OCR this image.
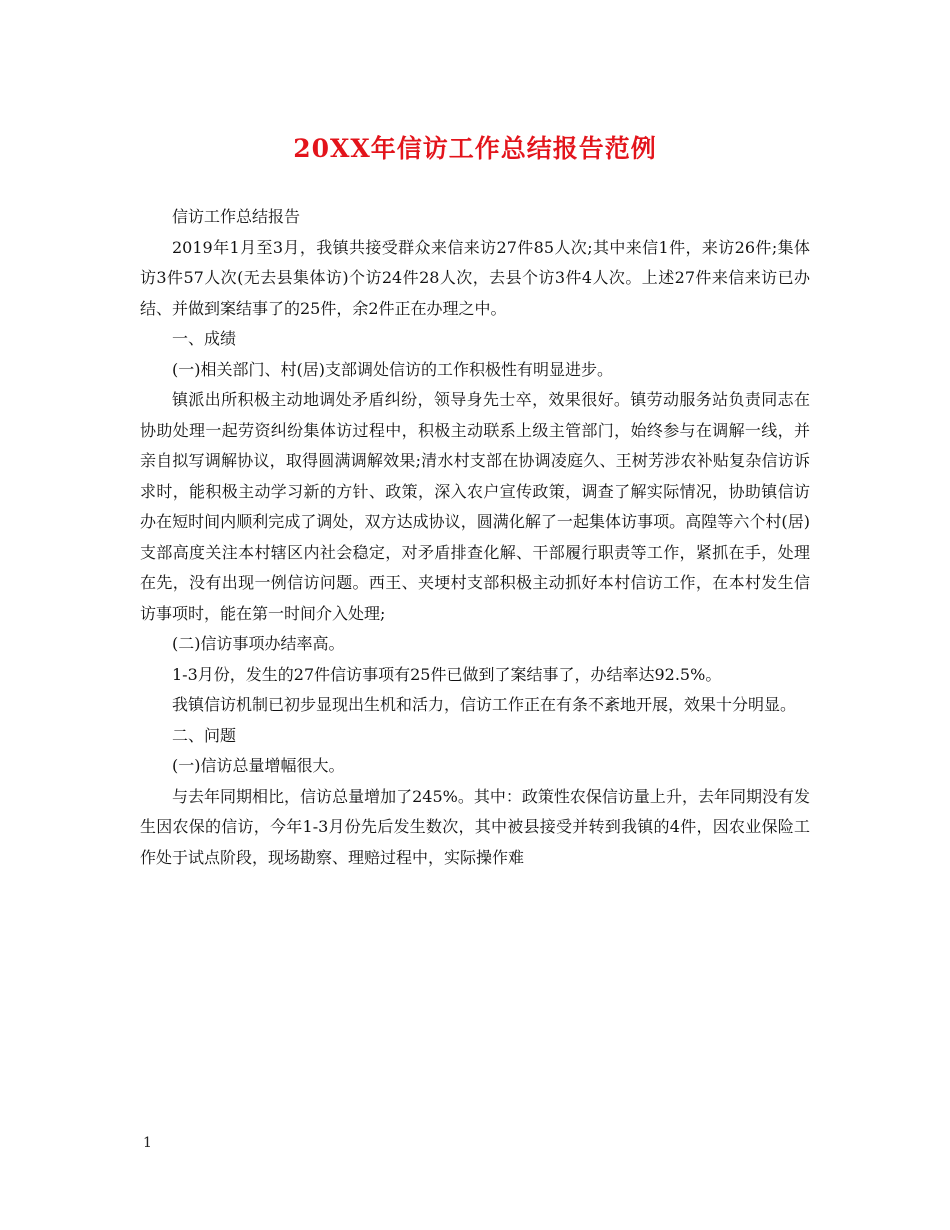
20XX年信访工作总结报告范例

信访工作总结报告

2019年1月至3月，我镇共接受群众来信来访27件85人次;其中来信1件，来访26件;集体访3件57人次(无去县集体访)个访24件28人次，去县个访3件4人次。上述27件来信来访已办结、并做到案结事了的25件，余2件正在办理之中。

一、成绩

(一)相关部门、村(居)支部调处信访的工作积极性有明显进步。

镇派出所积极主动地调处矛盾纠纷，领导身先士卒，效果很好。镇劳动服务站负责同志在协助处理一起劳资纠纷集体访过程中，积极主动联系上级主管部门，始终参与在调解一线，并亲自拟写调解协议，取得圆满调解效果;清水村支部在协调凌庭久、王树芳涉农补贴复杂信访诉求时，能积极主动学习新的方针、政策，深入农户宣传政策，调查了解实际情况，协助镇信访办在短时间内顺利完成了调处，双方达成协议，圆满化解了一起集体访事项。高隍等六个村(居)支部高度关注本村辖区内社会稳定，对矛盾排查化解、干部履行职责等工作，紧抓在手，处理在先，没有出现一例信访问题。西王、夹埂村支部积极主动抓好本村信访工作，在本村发生信访事项时，能在第一时间介入处理;

(二)信访事项办结率高。

1-3月份，发生的27件信访事项有25件已做到了案结事了，办结率达92.5%。

我镇信访机制已初步显现出生机和活力，信访工作正在有条不紊地开展，效果十分明显。

二、问题

(一)信访总量增幅很大。

与去年同期相比，信访总量增加了245%。其中：政策性农保信访量上升，去年同期没有发生因农保的信访，今年1-3月份先后发生数次，其中被县接受并转到我镇的4件，因农业保险工作处于试点阶段，现场勘察、理赔过程中，实际操作难

1
